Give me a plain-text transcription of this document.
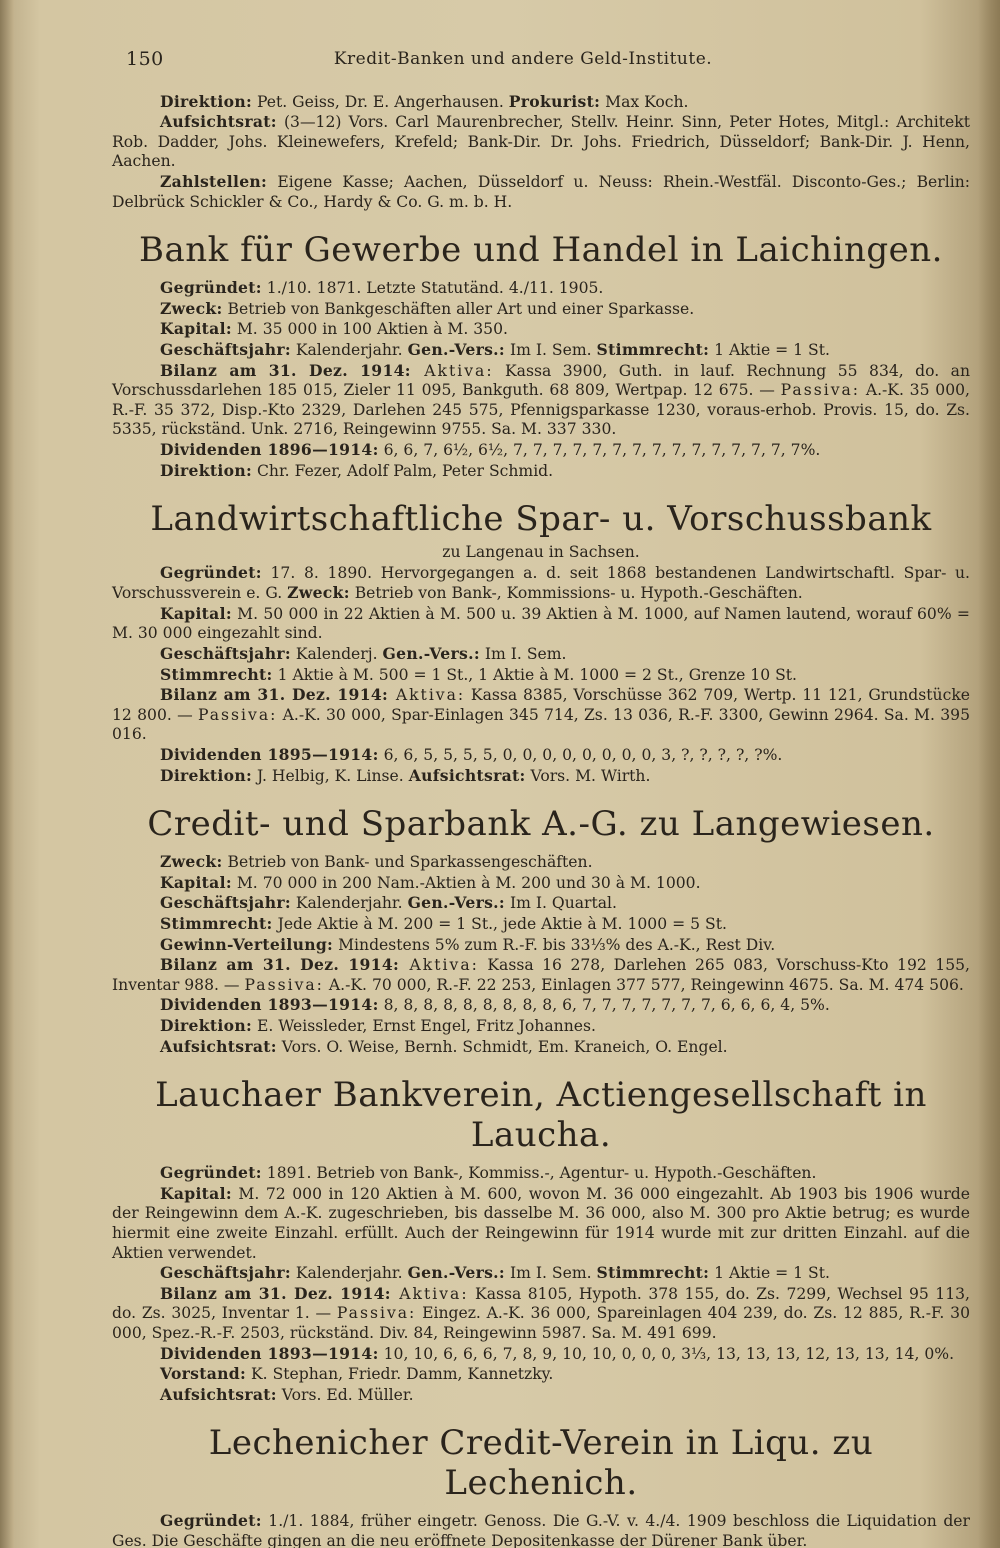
150	Kredit-Banken und andere Geld-Institute.

Direktion: Pet. Geiss, Dr. E. Angerhausen. Prokurist: Max Koch.

Aufsichtsrat: (3—12) Vors. Carl Maurenbrecher, Stellv. Heinr. Sinn, Peter Hotes, Mitgl.: Architekt Rob. Dadder, Johs. Kleinewefers, Krefeld; Bank-Dir. Dr. Johs. Friedrich, Düsseldorf; Bank-Dir. J. Henn, Aachen.

Zahlstellen: Eigene Kasse; Aachen, Düsseldorf u. Neuss: Rhein.-Westfäl. Disconto-Ges.; Berlin: Delbrück Schickler & Co., Hardy & Co. G. m. b. H.

Bank für Gewerbe und Handel in Laichingen.

Gegründet: 1./10. 1871. Letzte Statutänd. 4./11. 1905.

Zweck: Betrieb von Bankgeschäften aller Art und einer Sparkasse.

Kapital: M. 35 000 in 100 Aktien à M. 350.

Geschäftsjahr: Kalenderjahr. Gen.-Vers.: Im I. Sem. Stimmrecht: 1 Aktie = 1 St.

Bilanz am 31. Dez. 1914: Aktiva: Kassa 3900, Guth. in lauf. Rechnung 55 834, do. an Vorschussdarlehen 185 015, Zieler 11 095, Bankguth. 68 809, Wertpap. 12 675. — Passiva: A.-K. 35 000, R.-F. 35 372, Disp.-Kto 2329, Darlehen 245 575, Pfennigsparkasse 1230, voraus-erhob. Provis. 15, do. Zs. 5335, rückständ. Unk. 2716, Reingewinn 9755. Sa. M. 337 330.

Dividenden 1896—1914: 6, 6, 7, 6½, 6½, 7, 7, 7, 7, 7, 7, 7, 7, 7, 7, 7, 7, 7, 7, 7%.

Direktion: Chr. Fezer, Adolf Palm, Peter Schmid.

Landwirtschaftliche Spar- u. Vorschussbank
zu Langenau in Sachsen.

Gegründet: 17. 8. 1890. Hervorgegangen a. d. seit 1868 bestandenen Landwirtschaftl. Spar- u. Vorschussverein e. G. Zweck: Betrieb von Bank-, Kommissions- u. Hypoth.-Geschäften.

Kapital: M. 50 000 in 22 Aktien à M. 500 u. 39 Aktien à M. 1000, auf Namen lautend, worauf 60% = M. 30 000 eingezahlt sind.

Geschäftsjahr: Kalenderj. Gen.-Vers.: Im I. Sem.

Stimmrecht: 1 Aktie à M. 500 = 1 St., 1 Aktie à M. 1000 = 2 St., Grenze 10 St.

Bilanz am 31. Dez. 1914: Aktiva: Kassa 8385, Vorschüsse 362 709, Wertp. 11 121, Grundstücke 12 800. — Passiva: A.-K. 30 000, Spar-Einlagen 345 714, Zs. 13 036, R.-F. 3300, Gewinn 2964. Sa. M. 395 016.

Dividenden 1895—1914: 6, 6, 5, 5, 5, 5, 0, 0, 0, 0, 0, 0, 0, 0, 3, ?, ?, ?, ?, ?%.

Direktion: J. Helbig, K. Linse. Aufsichtsrat: Vors. M. Wirth.

Credit- und Sparbank A.-G. zu Langewiesen.

Zweck: Betrieb von Bank- und Sparkassengeschäften.

Kapital: M. 70 000 in 200 Nam.-Aktien à M. 200 und 30 à M. 1000.

Geschäftsjahr: Kalenderjahr. Gen.-Vers.: Im I. Quartal.

Stimmrecht: Jede Aktie à M. 200 = 1 St., jede Aktie à M. 1000 = 5 St.

Gewinn-Verteilung: Mindestens 5% zum R.-F. bis 33⅓% des A.-K., Rest Div.

Bilanz am 31. Dez. 1914: Aktiva: Kassa 16 278, Darlehen 265 083, Vorschuss-Kto 192 155, Inventar 988. — Passiva: A.-K. 70 000, R.-F. 22 253, Einlagen 377 577, Reingewinn 4675. Sa. M. 474 506.

Dividenden 1893—1914: 8, 8, 8, 8, 8, 8, 8, 8, 8, 6, 7, 7, 7, 7, 7, 7, 7, 6, 6, 6, 4, 5%.

Direktion: E. Weissleder, Ernst Engel, Fritz Johannes.

Aufsichtsrat: Vors. O. Weise, Bernh. Schmidt, Em. Kraneich, O. Engel.

Lauchaer Bankverein, Actiengesellschaft in Laucha.

Gegründet: 1891. Betrieb von Bank-, Kommiss.-, Agentur- u. Hypoth.-Geschäften.

Kapital: M. 72 000 in 120 Aktien à M. 600, wovon M. 36 000 eingezahlt. Ab 1903 bis 1906 wurde der Reingewinn dem A.-K. zugeschrieben, bis dasselbe M. 36 000, also M. 300 pro Aktie betrug; es wurde hiermit eine zweite Einzahl. erfüllt. Auch der Reingewinn für 1914 wurde mit zur dritten Einzahl. auf die Aktien verwendet.

Geschäftsjahr: Kalenderjahr. Gen.-Vers.: Im I. Sem. Stimmrecht: 1 Aktie = 1 St.

Bilanz am 31. Dez. 1914: Aktiva: Kassa 8105, Hypoth. 378 155, do. Zs. 7299, Wechsel 95 113, do. Zs. 3025, Inventar 1. — Passiva: Eingez. A.-K. 36 000, Spareinlagen 404 239, do. Zs. 12 885, R.-F. 30 000, Spez.-R.-F. 2503, rückständ. Div. 84, Reingewinn 5987. Sa. M. 491 699.

Dividenden 1893—1914: 10, 10, 6, 6, 6, 7, 8, 9, 10, 10, 0, 0, 0, 3⅓, 13, 13, 13, 12, 13, 13, 14, 0%.

Vorstand: K. Stephan, Friedr. Damm, Kannetzky.

Aufsichtsrat: Vors. Ed. Müller.

Lechenicher Credit-Verein in Liqu. zu Lechenich.

Gegründet: 1./1. 1884, früher eingetr. Genoss. Die G.-V. v. 4./4. 1909 beschloss die Liquidation der Ges. Die Geschäfte gingen an die neu eröffnete Depositenkasse der Dürener Bank über.
